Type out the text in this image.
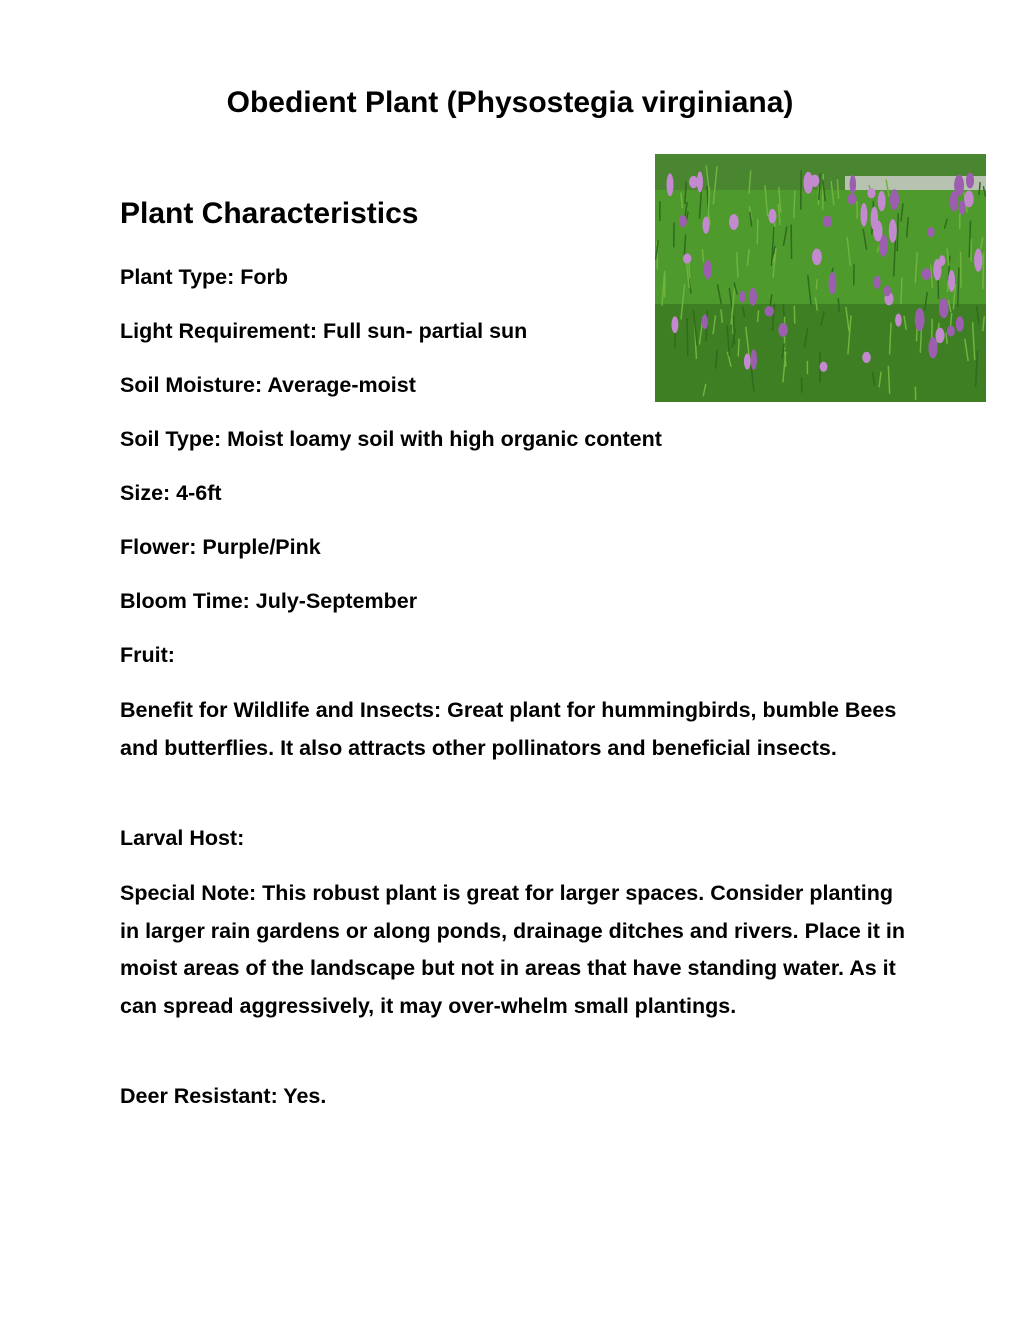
Obedient Plant (Physostegia virginiana)
Plant Characteristics

Plant Type: Forb

Light Requirement: Full sun- partial sun

Soil Moisture: Average-moist

Soil Type: Moist loamy soil with high organic content

Size: 4-6ft

Flower: Purple/Pink

Bloom Time: July-September

Fruit:

Benefit for Wildlife and Insects: Great plant for hummingbirds, bumble Bees and butterflies. It also attracts other pollinators and beneficial insects.

Larval Host:

Special Note: This robust plant is great for larger spaces. Consider planting in larger rain gardens or along ponds, drainage ditches and rivers. Place it in moist areas of the landscape but not in areas that have standing water. As it can spread aggressively, it may over-whelm small plantings.

Deer Resistant: Yes.
